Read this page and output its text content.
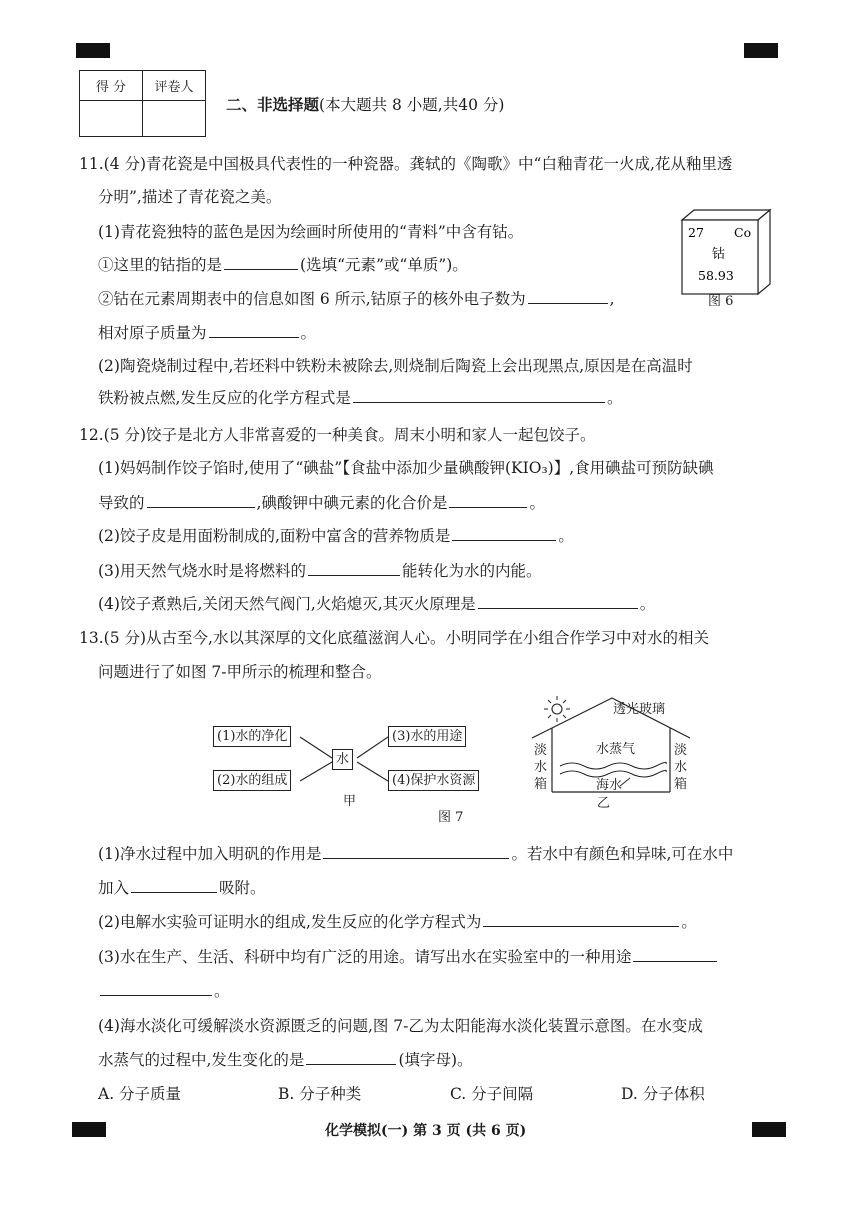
得 分	评卷人

二、非选择题(本大题共 8 小题,共40 分)
11.(4 分)青花瓷是中国极具代表性的一种瓷器。龚轼的《陶歌》中“白釉青花一火成,花从釉里透
分明”,描述了青花瓷之美。
(1)青花瓷独特的蓝色是因为绘画时所使用的“青料”中含有钴。
①这里的钴指的是	(选填“元素”或“单质”)。
②钴在元素周期表中的信息如图 6 所示,钴原子的核外电子数为	,
相对原子质量为	。
(2)陶瓷烧制过程中,若坯料中铁粉未被除去,则烧制后陶瓷上会出现黑点,原因是在高温时
铁粉被点燃,发生反应的化学方程式是	。
27 Co
钴
58.93
图 6
12.(5 分)饺子是北方人非常喜爱的一种美食。周末小明和家人一起包饺子。
(1)妈妈制作饺子馅时,使用了“碘盐”【食盐中添加少量碘酸钾(KIO₃)】,食用碘盐可预防缺碘
导致的	,碘酸钾中碘元素的化合价是	。
(2)饺子皮是用面粉制成的,面粉中富含的营养物质是	。
(3)用天然气烧水时是将燃料的	能转化为水的内能。
(4)饺子煮熟后,关闭天然气阀门,火焰熄灭,其灭火原理是	。
13.(5 分)从古至今,水以其深厚的文化底蕴滋润人心。小明同学在小组合作学习中对水的相关
问题进行了如图 7-甲所示的梳理和整合。
(1)水的净化
(2)水的组成
水
(3)水的用途
(4)保护水资源
甲
透光玻璃
水蒸气
海水
淡水箱
淡水箱
乙
图 7
(1)净水过程中加入明矾的作用是	。若水中有颜色和异味,可在水中
加入	吸附。
(2)电解水实验可证明水的组成,发生反应的化学方程式为	。
(3)水在生产、生活、科研中均有广泛的用途。请写出水在实验室中的一种用途
。
(4)海水淡化可缓解淡水资源匮乏的问题,图 7-乙为太阳能海水淡化装置示意图。在水变成
水蒸气的过程中,发生变化的是	(填字母)。
A. 分子质量	B. 分子种类	C. 分子间隔	D. 分子体积
化学模拟(一) 第 3 页 (共 6 页)
